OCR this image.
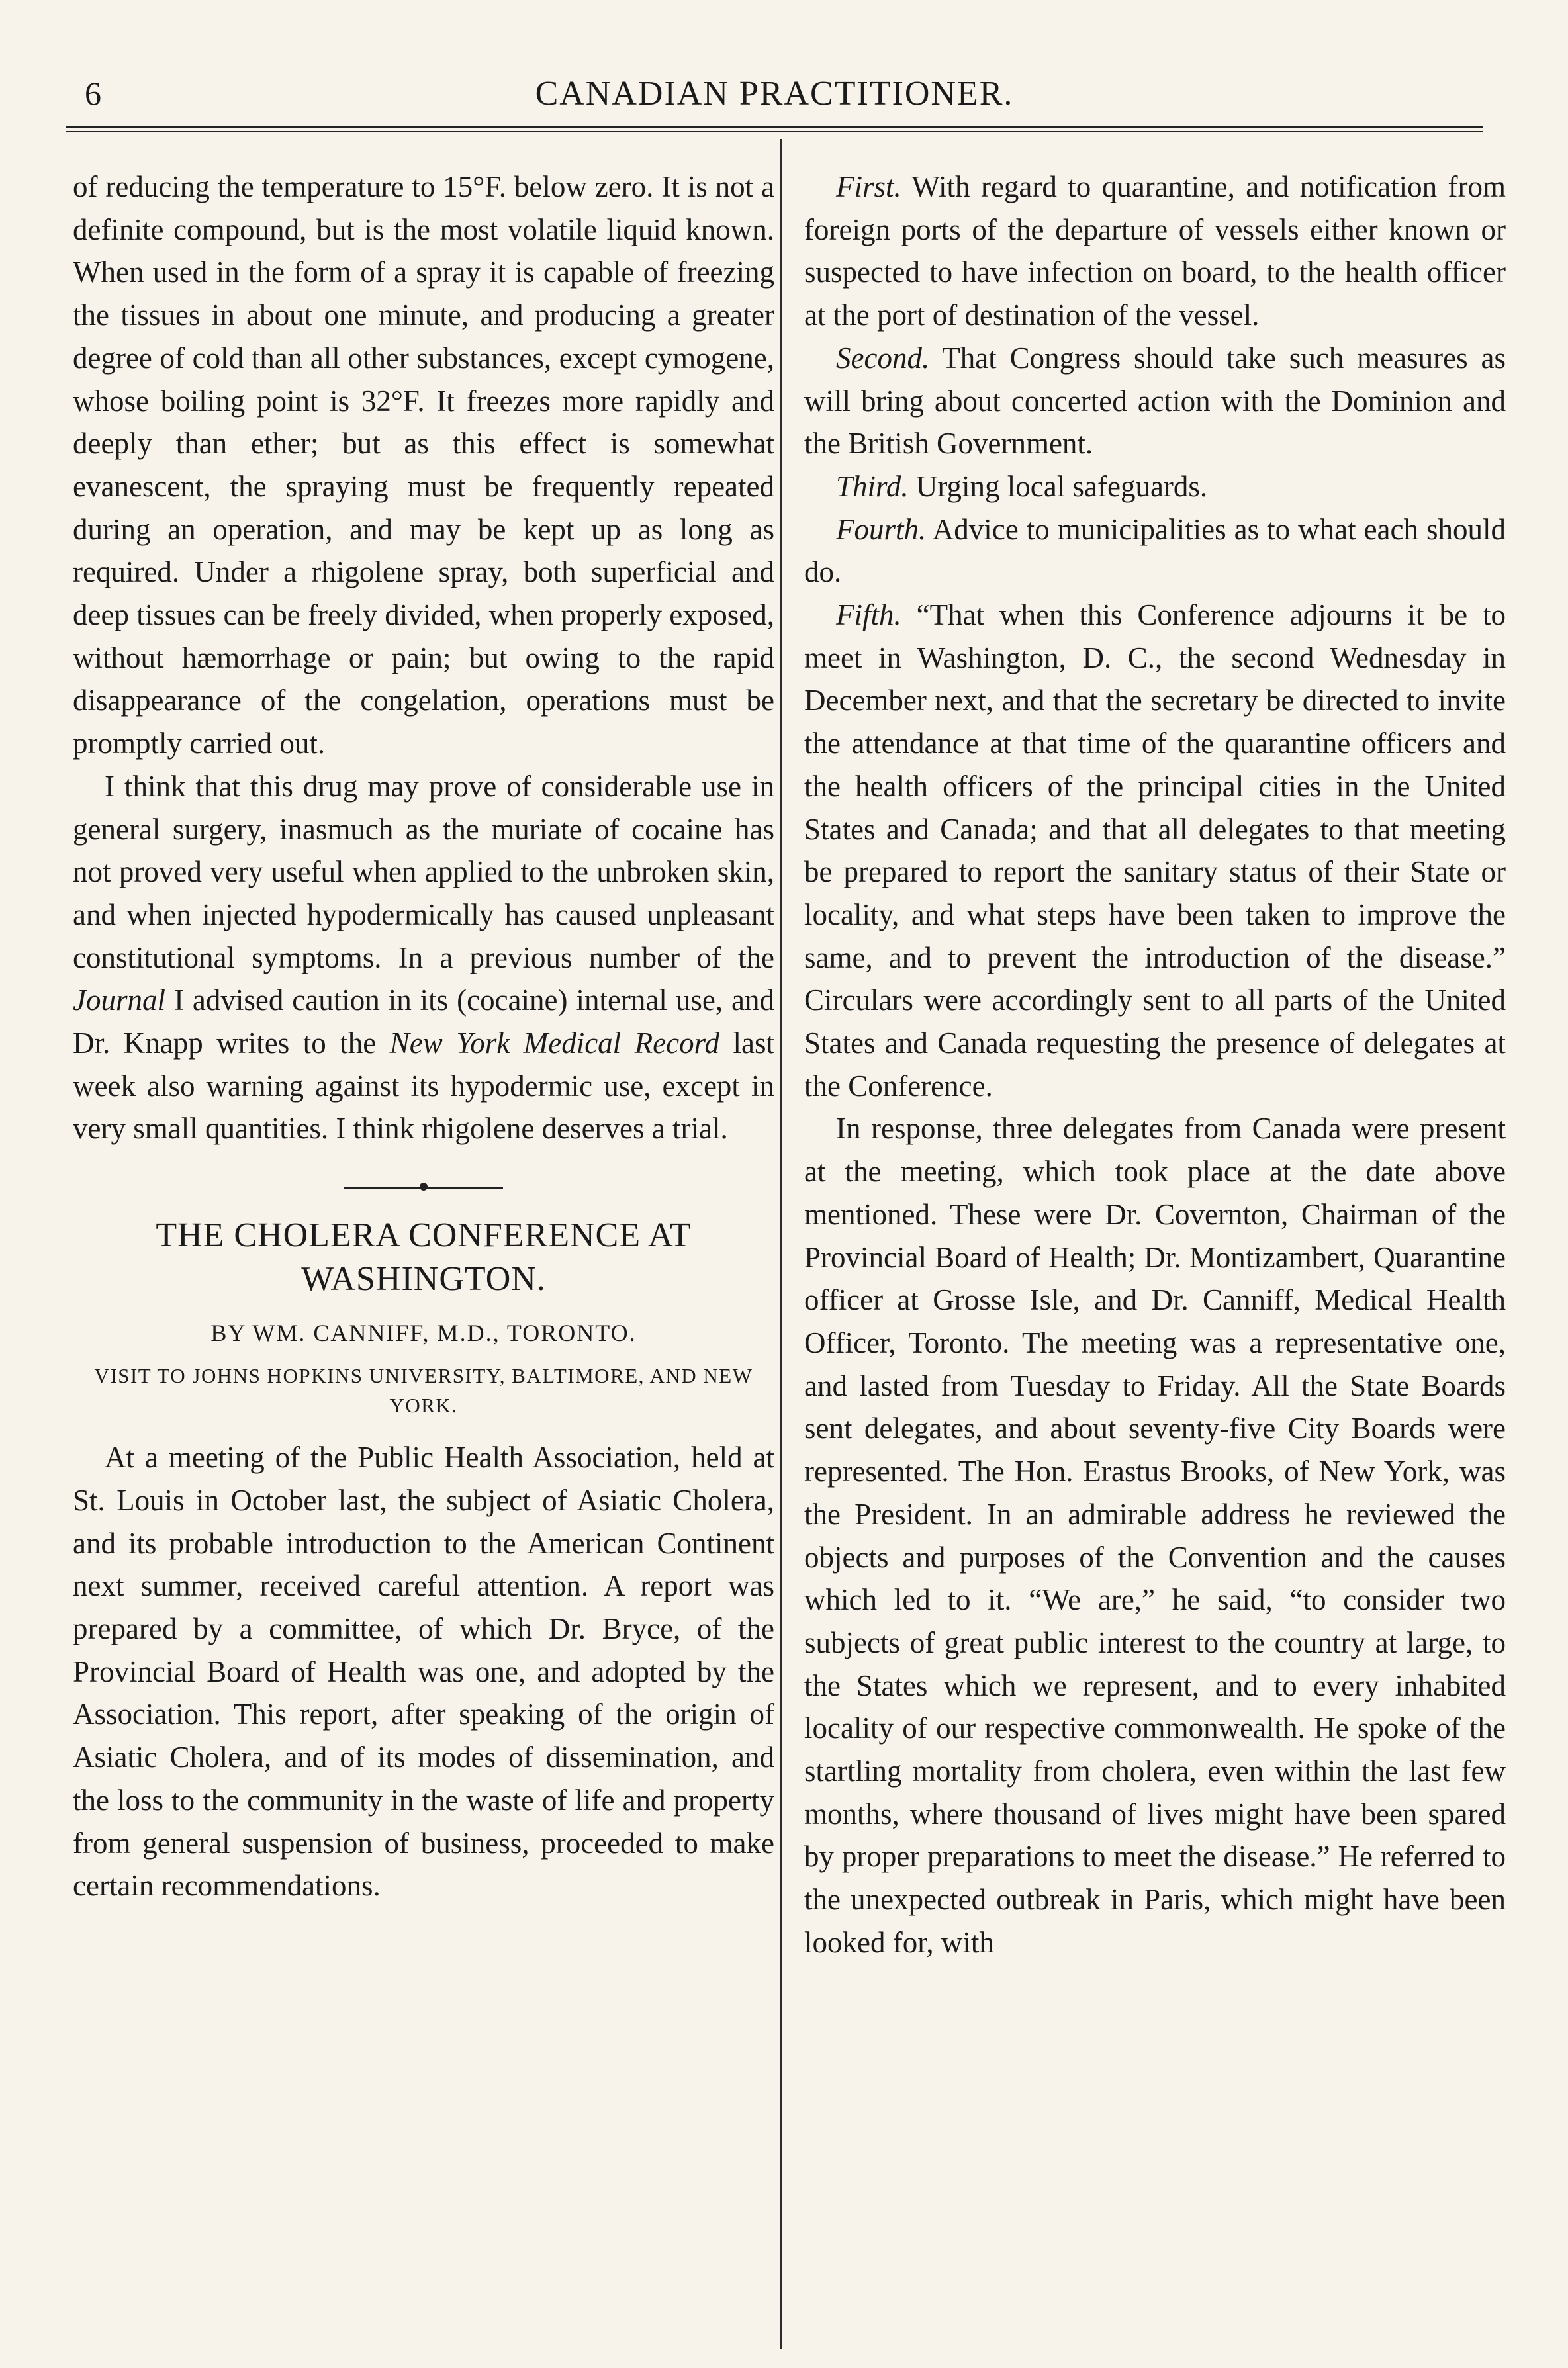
6	CANADIAN PRACTITIONER.

of reducing the temperature to 15°F. below zero. It is not a definite compound, but is the most volatile liquid known. When used in the form of a spray it is capable of freezing the tissues in about one minute, and producing a greater degree of cold than all other substances, except cymogene, whose boiling point is 32°F. It freezes more rapidly and deeply than ether; but as this effect is somewhat evanescent, the spraying must be frequently repeated during an operation, and may be kept up as long as required. Under a rhigolene spray, both superficial and deep tissues can be freely divided, when properly exposed, without hæmorrhage or pain; but owing to the rapid disappearance of the congelation, operations must be promptly carried out.

I think that this drug may prove of considerable use in general surgery, inasmuch as the muriate of cocaine has not proved very useful when applied to the unbroken skin, and when injected hypodermically has caused unpleasant constitutional symptoms. In a previous number of the Journal I advised caution in its (cocaine) internal use, and Dr. Knapp writes to the New York Medical Record last week also warning against its hypodermic use, except in very small quantities. I think rhigolene deserves a trial.

THE CHOLERA CONFERENCE AT WASHINGTON.
BY WM. CANNIFF, M.D., TORONTO.
VISIT TO JOHNS HOPKINS UNIVERSITY, BALTIMORE, AND NEW YORK.

At a meeting of the Public Health Association, held at St. Louis in October last, the subject of Asiatic Cholera, and its probable introduction to the American Continent next summer, received careful attention. A report was prepared by a committee, of which Dr. Bryce, of the Provincial Board of Health was one, and adopted by the Association. This report, after speaking of the origin of Asiatic Cholera, and of its modes of dissemination, and the loss to the community in the waste of life and property from general suspension of business, proceeded to make certain recommendations.

First. With regard to quarantine, and notification from foreign ports of the departure of vessels either known or suspected to have infection on board, to the health officer at the port of destination of the vessel.

Second. That Congress should take such measures as will bring about concerted action with the Dominion and the British Government.

Third. Urging local safeguards.

Fourth. Advice to municipalities as to what each should do.

Fifth. “That when this Conference adjourns it be to meet in Washington, D. C., the second Wednesday in December next, and that the secretary be directed to invite the attendance at that time of the quarantine officers and the health officers of the principal cities in the United States and Canada; and that all delegates to that meeting be prepared to report the sanitary status of their State or locality, and what steps have been taken to improve the same, and to prevent the introduction of the disease.” Circulars were accordingly sent to all parts of the United States and Canada requesting the presence of delegates at the Conference.

In response, three delegates from Canada were present at the meeting, which took place at the date above mentioned. These were Dr. Covernton, Chairman of the Provincial Board of Health; Dr. Montizambert, Quarantine officer at Grosse Isle, and Dr. Canniff, Medical Health Officer, Toronto. The meeting was a representative one, and lasted from Tuesday to Friday. All the State Boards sent delegates, and about seventy-five City Boards were represented. The Hon. Erastus Brooks, of New York, was the President. In an admirable address he reviewed the objects and purposes of the Convention and the causes which led to it. “We are,” he said, “to consider two subjects of great public interest to the country at large, to the States which we represent, and to every inhabited locality of our respective commonwealth. He spoke of the startling mortality from cholera, even within the last few months, where thousand of lives might have been spared by proper preparations to meet the disease.” He referred to the unexpected outbreak in Paris, which might have been looked for, with
